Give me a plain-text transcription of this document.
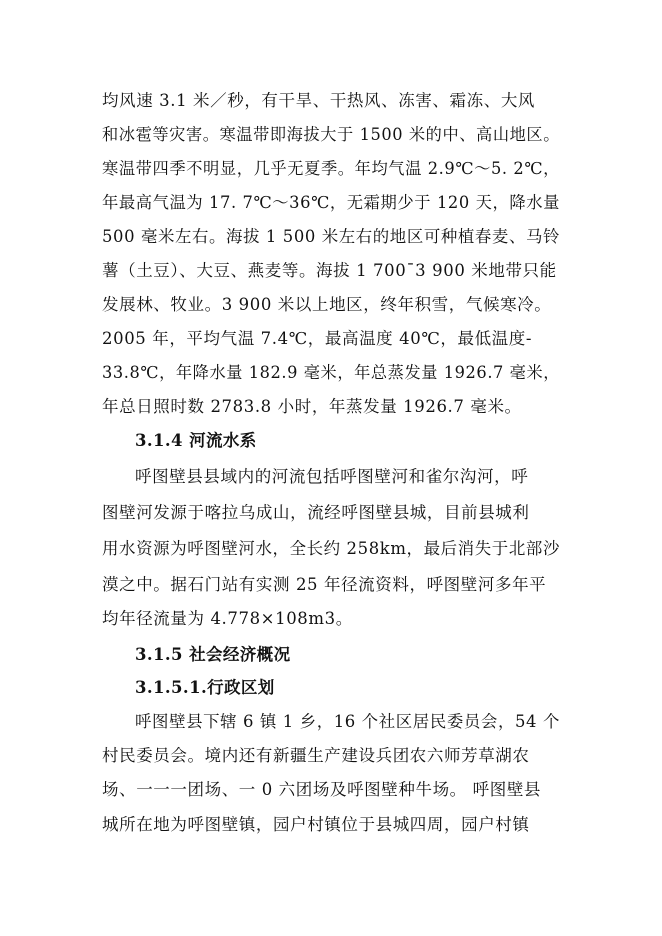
均风速 3.1 米／秒，有干旱、干热风、冻害、霜冻、大风
和冰雹等灾害。寒温带即海拔大于 1500 米的中、高山地区。
寒温带四季不明显，几乎无夏季。年均气温 2.9℃～5. 2℃，
年最高气温为 17. 7℃～36℃，无霜期少于 120 天，降水量
500 毫米左右。海拔 1 500 米左右的地区可种植春麦、马铃
薯（土豆）、大豆、燕麦等。海拔 1 700¯3 900 米地带只能
发展林、牧业。3 900 米以上地区，终年积雪，气候寒冷。
2005 年，平均气温 7.4℃，最高温度 40℃，最低温度-
33.8℃，年降水量 182.9 毫米，年总蒸发量 1926.7 毫米，
年总日照时数 2783.8 小时，年蒸发量 1926.7 毫米。
3.1.4 河流水系
呼图壁县县域内的河流包括呼图壁河和雀尔沟河，呼
图壁河发源于喀拉乌成山，流经呼图壁县城，目前县城利
用水资源为呼图壁河水，全长约 258km，最后消失于北部沙
漠之中。据石门站有实测 25 年径流资料，呼图壁河多年平
均年径流量为 4.778×108m3。
3.1.5 社会经济概况
3.1.5.1.行政区划
呼图壁县下辖 6 镇 1 乡，16 个社区居民委员会，54 个
村民委员会。境内还有新疆生产建设兵团农六师芳草湖农
场、一一一团场、一 0 六团场及呼图壁种牛场。 呼图壁县
城所在地为呼图壁镇，园户村镇位于县城四周，园户村镇
